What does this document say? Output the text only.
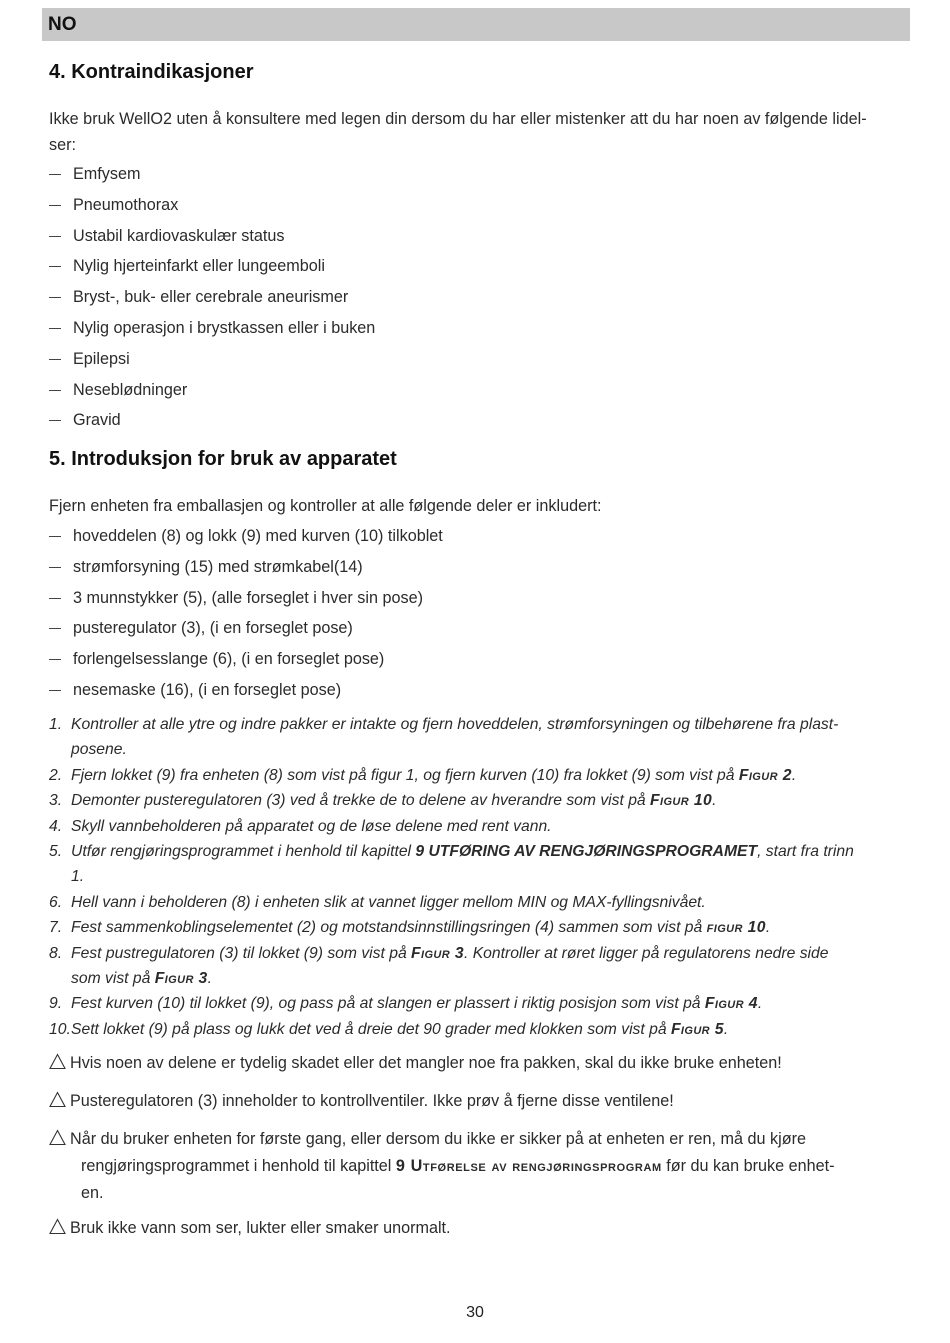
NO
4. Kontraindikasjoner
Ikke bruk WellO2 uten å konsultere med legen din dersom du har eller mistenker att du har noen av følgende lidel-
ser:
Emfysem
Pneumothorax
Ustabil kardiovaskulær status
Nylig hjerteinfarkt eller lungeemboli
Bryst-, buk- eller cerebrale aneurismer
Nylig operasjon i brystkassen eller i buken
Epilepsi
Neseblødninger
Gravid
5. Introduksjon for bruk av apparatet
Fjern enheten fra emballasjen og kontroller at alle følgende deler er inkludert:
hoveddelen (8) og lokk (9) med kurven (10) tilkoblet
strømforsyning (15) med strømkabel(14)
3 munnstykker (5), (alle forseglet i hver sin pose)
pusteregulator (3), (i en forseglet pose)
forlengelsesslange (6), (i en forseglet pose)
nesemaske (16), (i en forseglet pose)
1. Kontroller at alle ytre og indre pakker er intakte og fjern hoveddelen, strømforsyningen og tilbehørene fra plast-
posene.
2. Fjern lokket (9) fra enheten (8) som vist på figur 1, og fjern kurven (10) fra lokket (9) som vist på Figur 2.
3. Demonter pusteregulatoren (3) ved å trekke de to delene av hverandre som vist på Figur 10.
4. Skyll vannbeholderen på apparatet og de løse delene med rent vann.
5. Utfør rengjøringsprogrammet i henhold til kapittel 9 UTFØRING AV RENGJØRINGSPROGRAMET, start fra trinn
1.
6. Hell vann i beholderen (8) i enheten slik at vannet ligger mellom MIN og MAX-fyllingsnivået.
7. Fest sammenkoblingselementet (2) og motstandsinnstillingsringen (4) sammen som vist på figur 10.
8. Fest pustregulatoren (3) til lokket (9) som vist på Figur 3. Kontroller at røret ligger på regulatorens nedre side
som vist på Figur 3.
9. Fest kurven (10) til lokket (9), og pass på at slangen er plassert i riktig posisjon som vist på Figur 4.
10. Sett lokket (9) på plass og lukk det ved å dreie det 90 grader med klokken som vist på Figur 5.
Hvis noen av delene er tydelig skadet eller det mangler noe fra pakken, skal du ikke bruke enheten!
Pusteregulatoren (3) inneholder to kontrollventiler. Ikke prøv å fjerne disse ventilene!
Når du bruker enheten for første gang, eller dersom du ikke er sikker på at enheten er ren, må du kjøre
rengjøringsprogrammet i henhold til kapittel 9 Utførelse av rengjøringsprogram før du kan bruke enhet-
en.
Bruk ikke vann som ser, lukter eller smaker unormalt.
30
